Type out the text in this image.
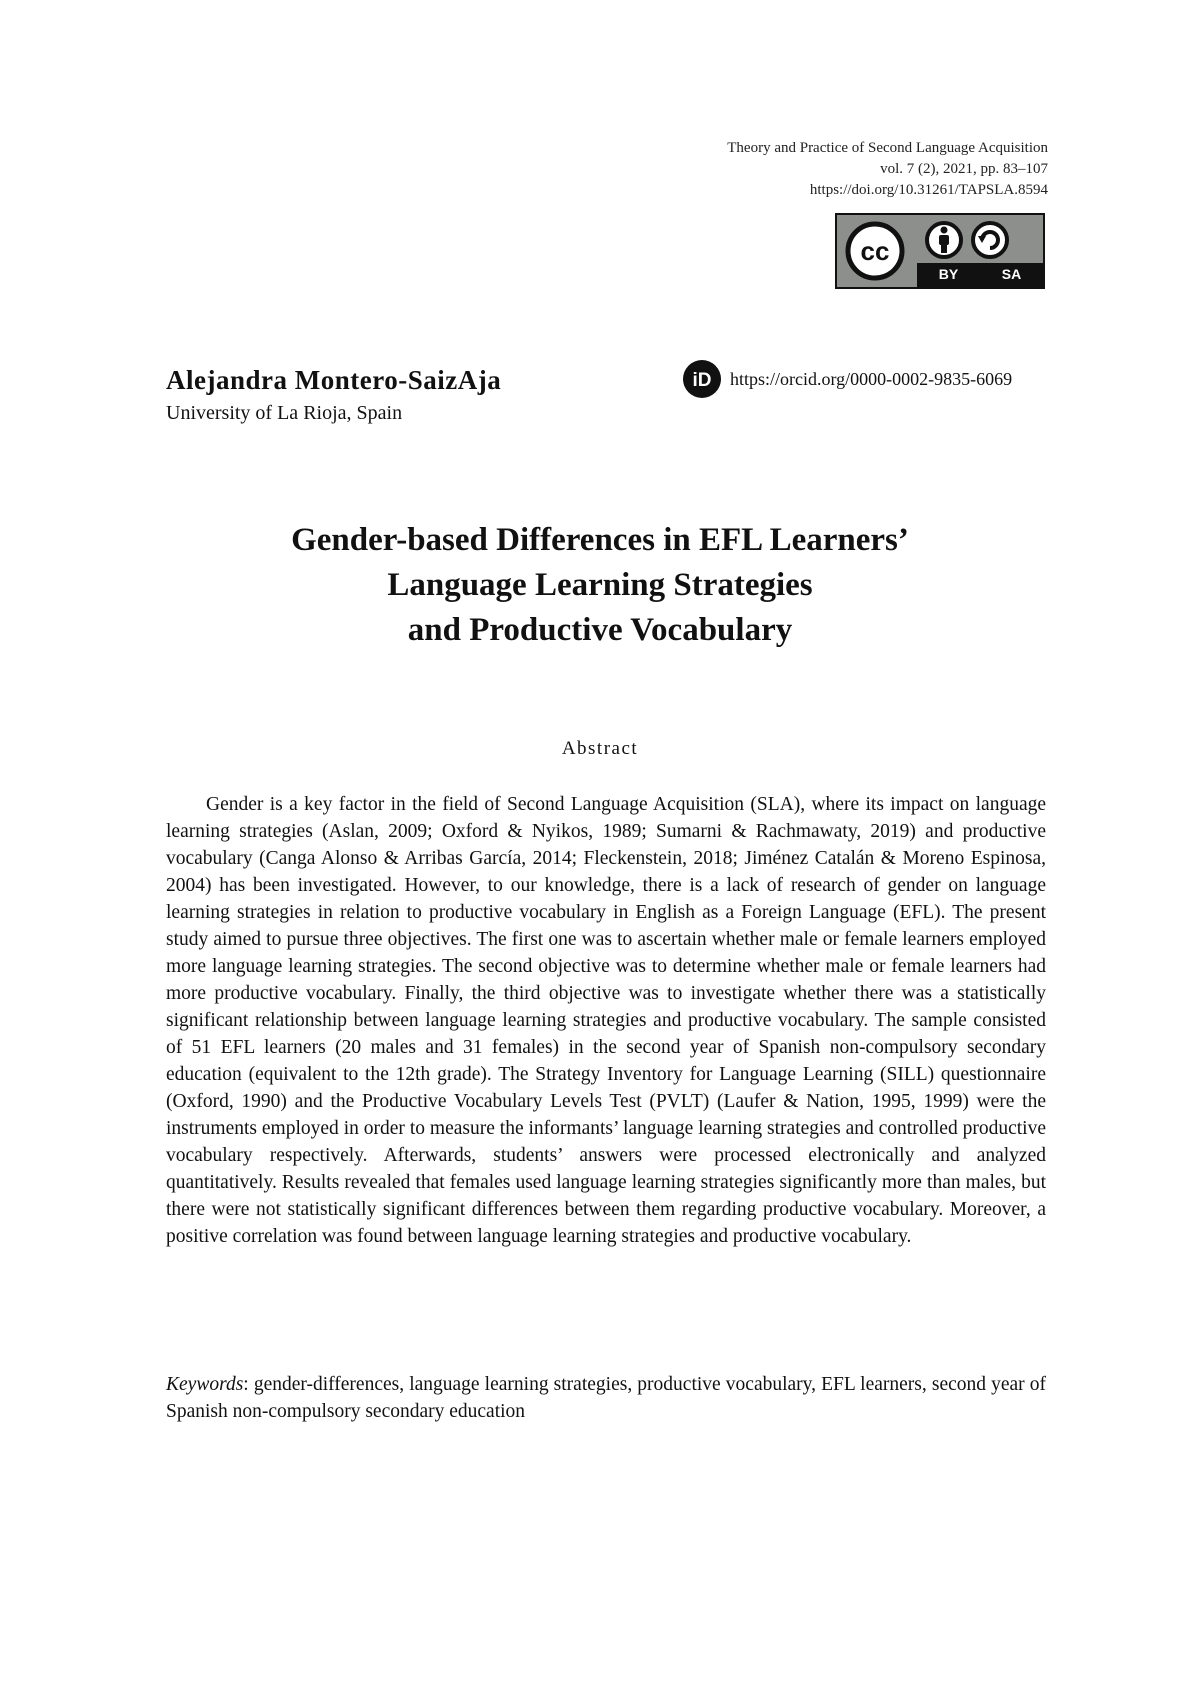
Theory and Practice of Second Language Acquisition
vol. 7 (2), 2021, pp. 83–107
https://doi.org/10.31261/TAPSLA.8594
cc
BY	SA
Alejandra Montero-SaizAja
University of La Rioja, Spain
iD https://orcid.org/0000-0002-9835-6069
Gender-based Differences in EFL Learners’
Language Learning Strategies
and Productive Vocabulary
Abstract

Gender is a key factor in the field of Second Language Acquisition (SLA), where its impact on language learning strategies (Aslan, 2009; Oxford & Nyikos, 1989; Sumarni & Rachmawaty, 2019) and productive vocabulary (Canga Alonso & Arribas García, 2014; Fleckenstein, 2018; Jiménez Catalán & Moreno Espinosa, 2004) has been investigated. However, to our knowledge, there is a lack of research of gender on language learning strategies in relation to productive vocabulary in English as a Foreign Language (EFL). The present study aimed to pursue three objectives. The first one was to ascertain whether male or female learners employed more language learning strategies. The second objective was to determine whether male or female learners had more productive vocabulary. Finally, the third objective was to investigate whether there was a statistically significant relationship between language learning strategies and productive vocabulary. The sample consisted of 51 EFL learners (20 males and 31 females) in the second year of Spanish non-compulsory secondary education (equivalent to the 12th grade). The Strategy Inventory for Language Learning (SILL) questionnaire (Oxford, 1990) and the Productive Vocabulary Levels Test (PVLT) (Laufer & Nation, 1995, 1999) were the instruments employed in order to measure the informants’ language learning strategies and controlled productive vocabulary respectively. Afterwards, students’ answers were processed electronically and analyzed quantitatively. Results revealed that females used language learning strategies significantly more than males, but there were not statistically significant differences between them regarding productive vocabulary. Moreover, a positive correlation was found between language learning strategies and productive vocabulary.

Keywords: gender-differences, language learning strategies, productive vocabulary, EFL learners, second year of Spanish non-compulsory secondary education
